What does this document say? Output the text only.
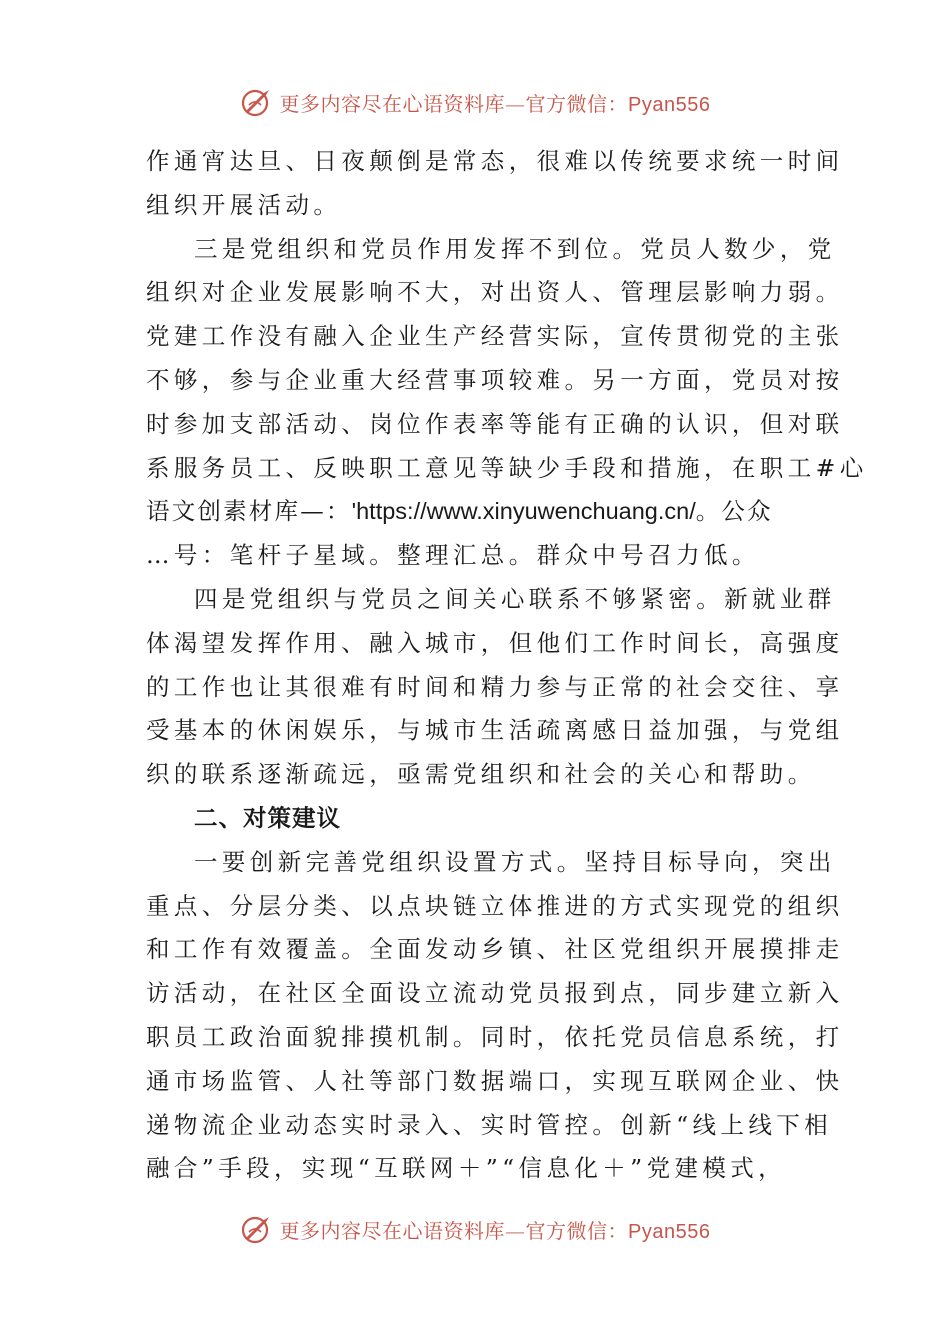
更多内容尽在心语资料库—官方微信：Pyan556
作通宵达旦、日夜颠倒是常态，很难以传统要求统一时间
组织开展活动。
三是党组织和党员作用发挥不到位。党员人数少，党
组织对企业发展影响不大，对出资人、管理层影响力弱。
党建工作没有融入企业生产经营实际，宣传贯彻党的主张
不够，参与企业重大经营事项较难。另一方面，党员对按
时参加支部活动、岗位作表率等能有正确的认识，但对联
系服务员工、反映职工意见等缺少手段和措施，在职工#心
语文创素材库—：'https://www.xinyuwenchuang.cn/。公众
…号：笔杆子星域。整理汇总。群众中号召力低。
四是党组织与党员之间关心联系不够紧密。新就业群
体渴望发挥作用、融入城市，但他们工作时间长，高强度
的工作也让其很难有时间和精力参与正常的社会交往、享
受基本的休闲娱乐，与城市生活疏离感日益加强，与党组
织的联系逐渐疏远，亟需党组织和社会的关心和帮助。
二、对策建议
一要创新完善党组织设置方式。坚持目标导向，突出
重点、分层分类、以点块链立体推进的方式实现党的组织
和工作有效覆盖。全面发动乡镇、社区党组织开展摸排走
访活动，在社区全面设立流动党员报到点，同步建立新入
职员工政治面貌排摸机制。同时，依托党员信息系统，打
通市场监管、人社等部门数据端口，实现互联网企业、快
递物流企业动态实时录入、实时管控。创新“线上线下相
融合”手段，实现“互联网＋”“信息化＋”党建模式，
更多内容尽在心语资料库—官方微信：Pyan556
